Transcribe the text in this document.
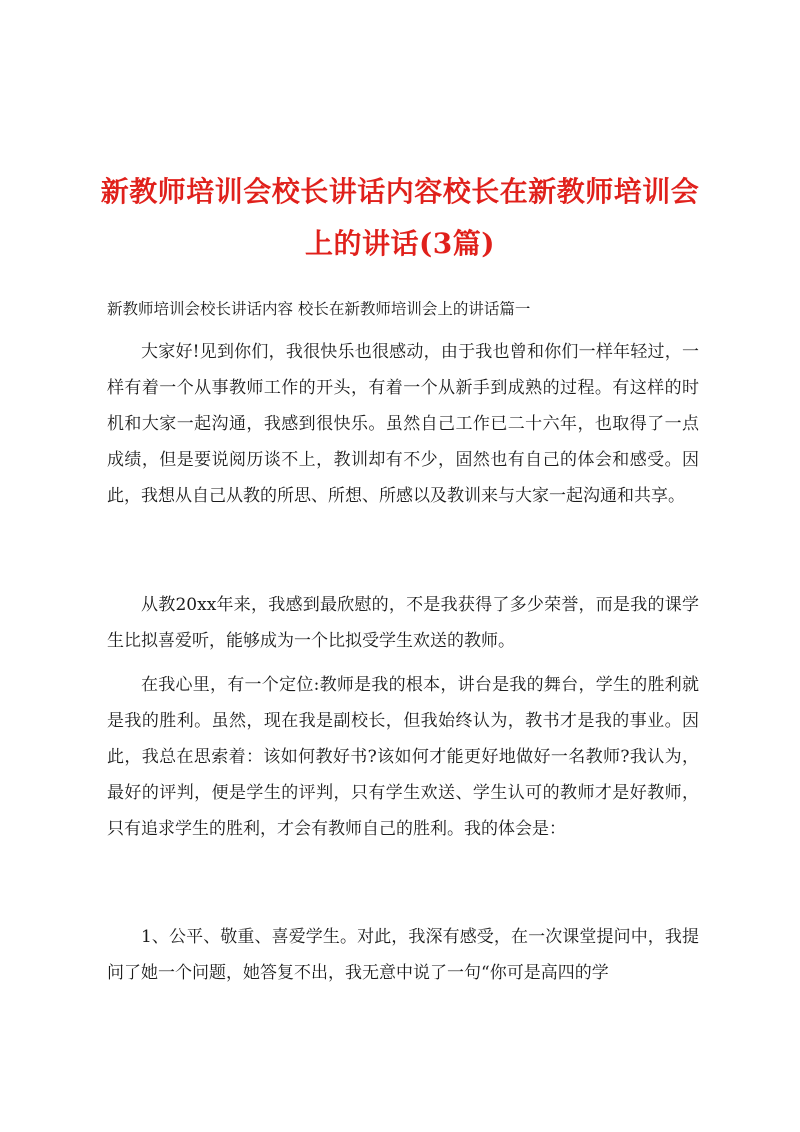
新教师培训会校长讲话内容校长在新教师培训会上的讲话(3篇)
新教师培训会校长讲话内容 校长在新教师培训会上的讲话篇一

大家好!见到你们，我很快乐也很感动，由于我也曾和你们一样年轻过，一样有着一个从事教师工作的开头，有着一个从新手到成熟的过程。有这样的时机和大家一起沟通，我感到很快乐。虽然自己工作已二十六年，也取得了一点成绩，但是要说阅历谈不上，教训却有不少，固然也有自己的体会和感受。因此，我想从自己从教的所思、所想、所感以及教训来与大家一起沟通和共享。

从教20xx年来，我感到最欣慰的，不是我获得了多少荣誉，而是我的课学生比拟喜爱听，能够成为一个比拟受学生欢送的教师。

在我心里，有一个定位:教师是我的根本，讲台是我的舞台，学生的胜利就是我的胜利。虽然，现在我是副校长，但我始终认为，教书才是我的事业。因此，我总在思索着：该如何教好书?该如何才能更好地做好一名教师?我认为，最好的评判，便是学生的评判，只有学生欢送、学生认可的教师才是好教师，只有追求学生的胜利，才会有教师自己的胜利。我的体会是：

1、公平、敬重、喜爱学生。对此，我深有感受，在一次课堂提问中，我提问了她一个问题，她答复不出，我无意中说了一句“你可是高四的学
